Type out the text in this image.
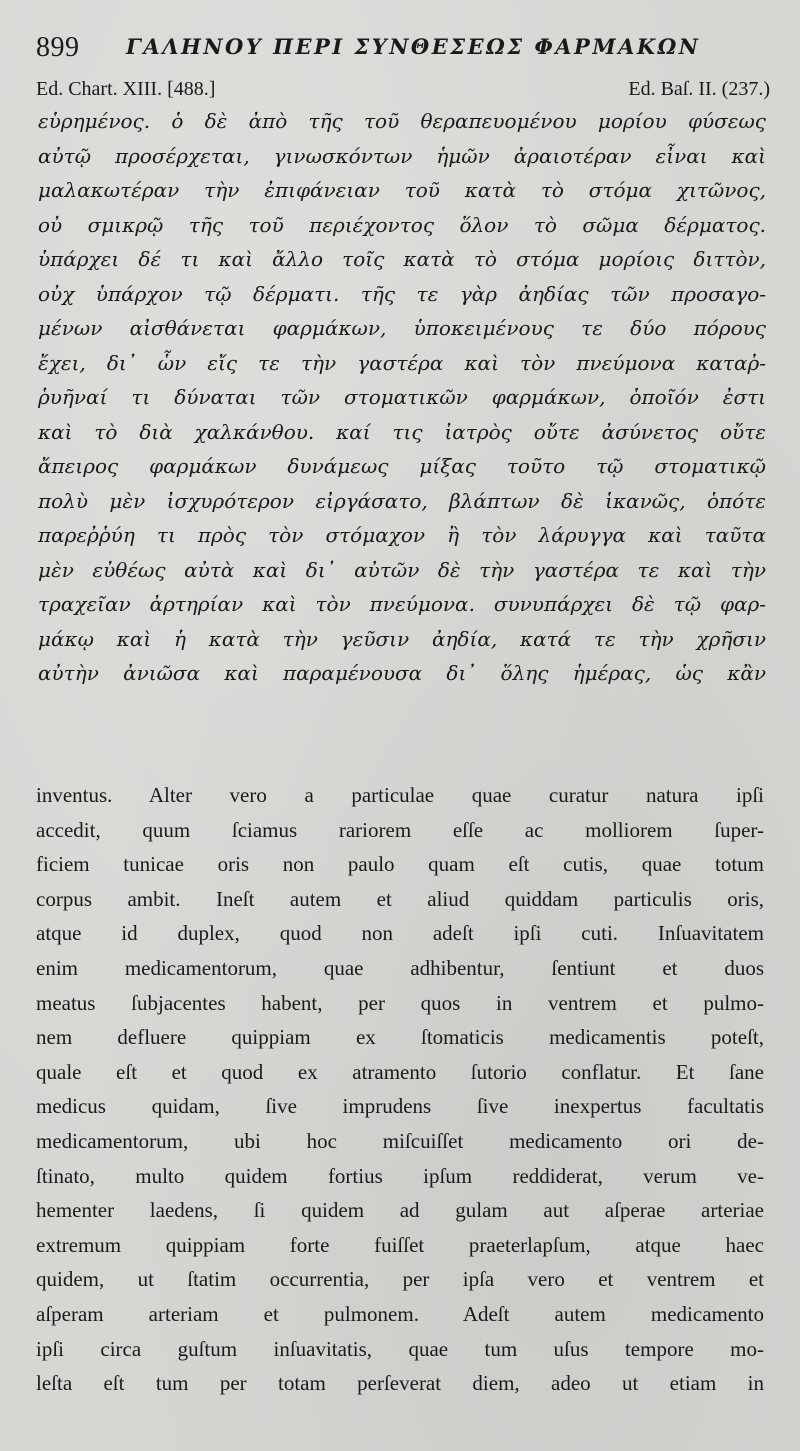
899 ΓΑΛΗΝΟΥ ΠΕΡΙ ΣΥΝΘΕΣΕΩΣ ΦΑΡΜΑΚΩΝ
Ed. Chart. XIII. [488.]	Ed. Baſ. II. (237.)
εὑρημένος. ὁ δὲ ἀπὸ τῆς τοῦ θεραπευομένου μορίου φύσεως
αὐτῷ προσέρχεται, γινωσκόντων ἡμῶν ἀραιοτέραν εἶναι καὶ
μαλακωτέραν τὴν ἐπιφάνειαν τοῦ κατὰ τὸ στόμα χιτῶνος,
οὐ σμικρῷ τῆς τοῦ περιέχοντος ὅλον τὸ σῶμα δέρματος.
ὑπάρχει δέ τι καὶ ἄλλο τοῖς κατὰ τὸ στόμα μορίοις διττὸν,
οὐχ ὑπάρχον τῷ δέρματι. τῆς τε γὰρ ἀηδίας τῶν προσαγο-
μένων αἰσθάνεται φαρμάκων, ὑποκειμένους τε δύο πόρους
ἔχει, δι᾽ ὧν εἴς τε τὴν γαστέρα καὶ τὸν πνεύμονα καταῤ-
ῥυῆναί τι δύναται τῶν στοματικῶν φαρμάκων, ὁποῖόν ἐστι
καὶ τὸ διὰ χαλκάνθου. καί τις ἰατρὸς οὔτε ἀσύνετος οὔτε
ἄπειρος φαρμάκων δυνάμεως μίξας τοῦτο τῷ στοματικῷ
πολὺ μὲν ἰσχυρότερον εἰργάσατο, βλάπτων δὲ ἱκανῶς, ὁπότε
παρεῤῥύη τι πρὸς τὸν στόμαχον ἢ τὸν λάρυγγα καὶ ταῦτα
μὲν εὐθέως αὐτὰ καὶ δι᾽ αὐτῶν δὲ τὴν γαστέρα τε καὶ τὴν
τραχεῖαν ἀρτηρίαν καὶ τὸν πνεύμονα. συνυπάρχει δὲ τῷ φαρ-
μάκῳ καὶ ἡ κατὰ τὴν γεῦσιν ἀηδία, κατά τε τὴν χρῆσιν
αὐτὴν ἀνιῶσα καὶ παραμένουσα δι᾽ ὅλης ἡμέρας, ὡς κἂν
inventus. Alter vero a particulae quae curatur natura ipſi
accedit, quum ſciamus rariorem eſſe ac molliorem ſuper-
ficiem tunicae oris non paulo quam eſt cutis, quae totum
corpus ambit. Ineſt autem et aliud quiddam particulis oris,
atque id duplex, quod non adeſt ipſi cuti. Inſuavitatem
enim medicamentorum, quae adhibentur, ſentiunt et duos
meatus ſubjacentes habent, per quos in ventrem et pulmo-
nem defluere quippiam ex ſtomaticis medicamentis poteſt,
quale eſt et quod ex atramento ſutorio conflatur. Et ſane
medicus quidam, ſive imprudens ſive inexpertus facultatis
medicamentorum, ubi hoc miſcuiſſet medicamento ori de-
ſtinato, multo quidem fortius ipſum reddiderat, verum ve-
hementer laedens, ſi quidem ad gulam aut aſperae arteriae
extremum quippiam forte fuiſſet praeterlapſum, atque haec
quidem, ut ſtatim occurrentia, per ipſa vero et ventrem et
aſperam arteriam et pulmonem. Adeſt autem medicamento
ipſi circa guſtum inſuavitatis, quae tum uſus tempore mo-
leſta eſt tum per totam perſeverat diem, adeo ut etiam in
